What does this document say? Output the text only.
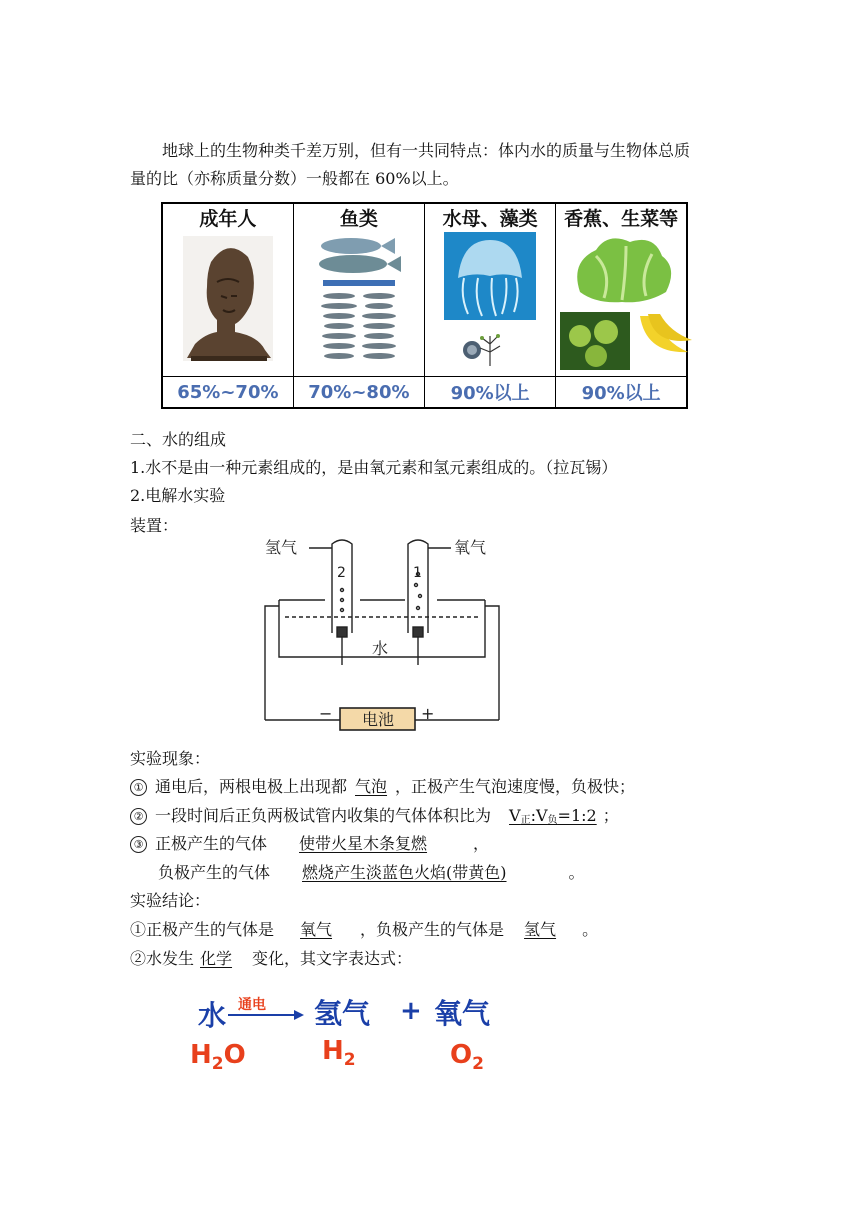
地球上的生物种类千差万别，但有一共同特点：体内水的质量与生物体总质
量的比（亦称质量分数）一般都在 60%以上。
成年人	鱼类	水母、藻类	香蕉、生菜等

65%~70%	70%~80%	90%以上	90%以上
二、水的组成
1.水不是由一种元素组成的，是由氧元素和氢元素组成的。（拉瓦锡）
2.电解水实验
装置：
氢气	氧气
2	1
水
电池
−	+
实验现象：
① 通电后，两根电极上出现都 气泡 ，正极产生气泡速度慢，负极快；
② 一段时间后正负两极试管内收集的气体体积比为 $V_正:V_负=1:2$ ；
③ 正极产生的气体 使带火星木条复燃	，
负极产生的气体 燃烧产生淡蓝色火焰(带黄色)	。
实验结论：
①正极产生的气体是 氧气 ，负极产生的气体是 氢气 。
②水发生 化学 变化，其文字表达式：
水 通电 氢气 + 氧气
$H_2O$	$H_2$	$O_2$
